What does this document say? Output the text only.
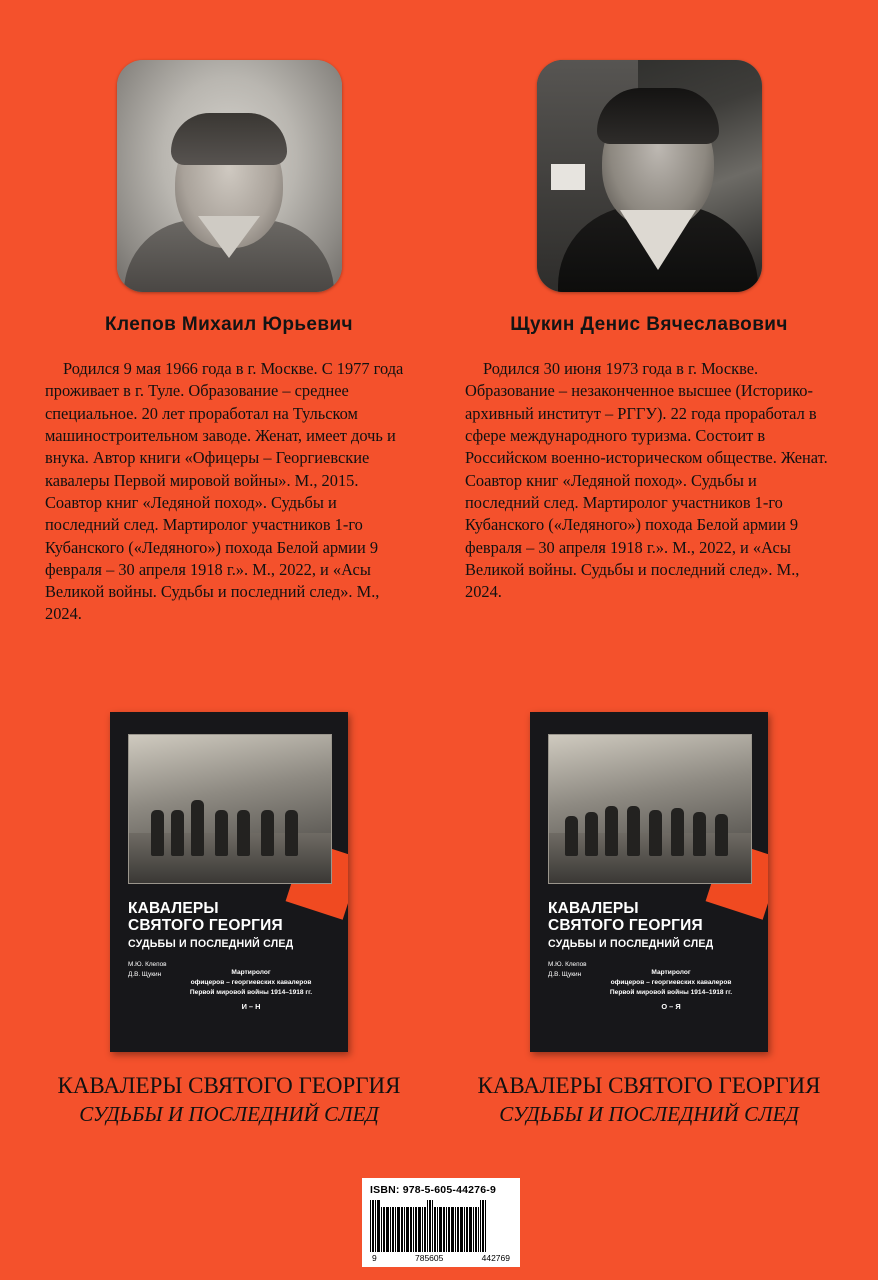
Клепов Михаил Юрьевич
Родился 9 мая 1966 года в г. Москве. С 1977 года проживает в г. Туле. Образование – среднее специальное. 20 лет проработал на Тульском машиностроительном заводе. Женат, имеет дочь и внука. Автор книги «Офицеры – Георгиевские кавалеры Первой мировой войны». М., 2015. Соавтор книг «Ледяной поход». Судьбы и последний след. Мартиролог участников 1-го Кубанского («Ледяного») похода Белой армии 9 февраля – 30 апреля 1918 г.». М., 2022, и «Асы Великой войны. Судьбы и последний след». М., 2024.
Щукин Денис Вячеславович
Родился 30 июня 1973 года в г. Москве. Образование – незаконченное высшее (Историко-архивный институт – РГГУ). 22 года проработал в сфере международного туризма. Состоит в Российском военно-историческом обществе. Женат. Соавтор книг «Ледяной поход». Судьбы и последний след. Мартиролог участников 1-го Кубанского («Ледяного») похода Белой армии 9 февраля – 30 апреля 1918 г.». М., 2022, и «Асы Великой войны. Судьбы и последний след». М., 2024.
КАВАЛЕРЫ
СВЯТОГО ГЕОРГИЯ
СУДЬБЫ И ПОСЛЕДНИЙ СЛЕД
М.Ю. Клепов
Д.В. Щукин	Мартиролог
офицеров – георгиевских кавалеров
Первой мировой войны 1914–1918 гг.
И – Н
КАВАЛЕРЫ СВЯТОГО ГЕОРГИЯ
СУДЬБЫ И ПОСЛЕДНИЙ СЛЕД
КАВАЛЕРЫ
СВЯТОГО ГЕОРГИЯ
СУДЬБЫ И ПОСЛЕДНИЙ СЛЕД
М.Ю. Клепов
Д.В. Щукин	Мартиролог
офицеров – георгиевских кавалеров
Первой мировой войны 1914–1918 гг.
О – Я
КАВАЛЕРЫ СВЯТОГО ГЕОРГИЯ
СУДЬБЫ И ПОСЛЕДНИЙ СЛЕД
ISBN: 978-5-605-44276-9
9	785605	442769
